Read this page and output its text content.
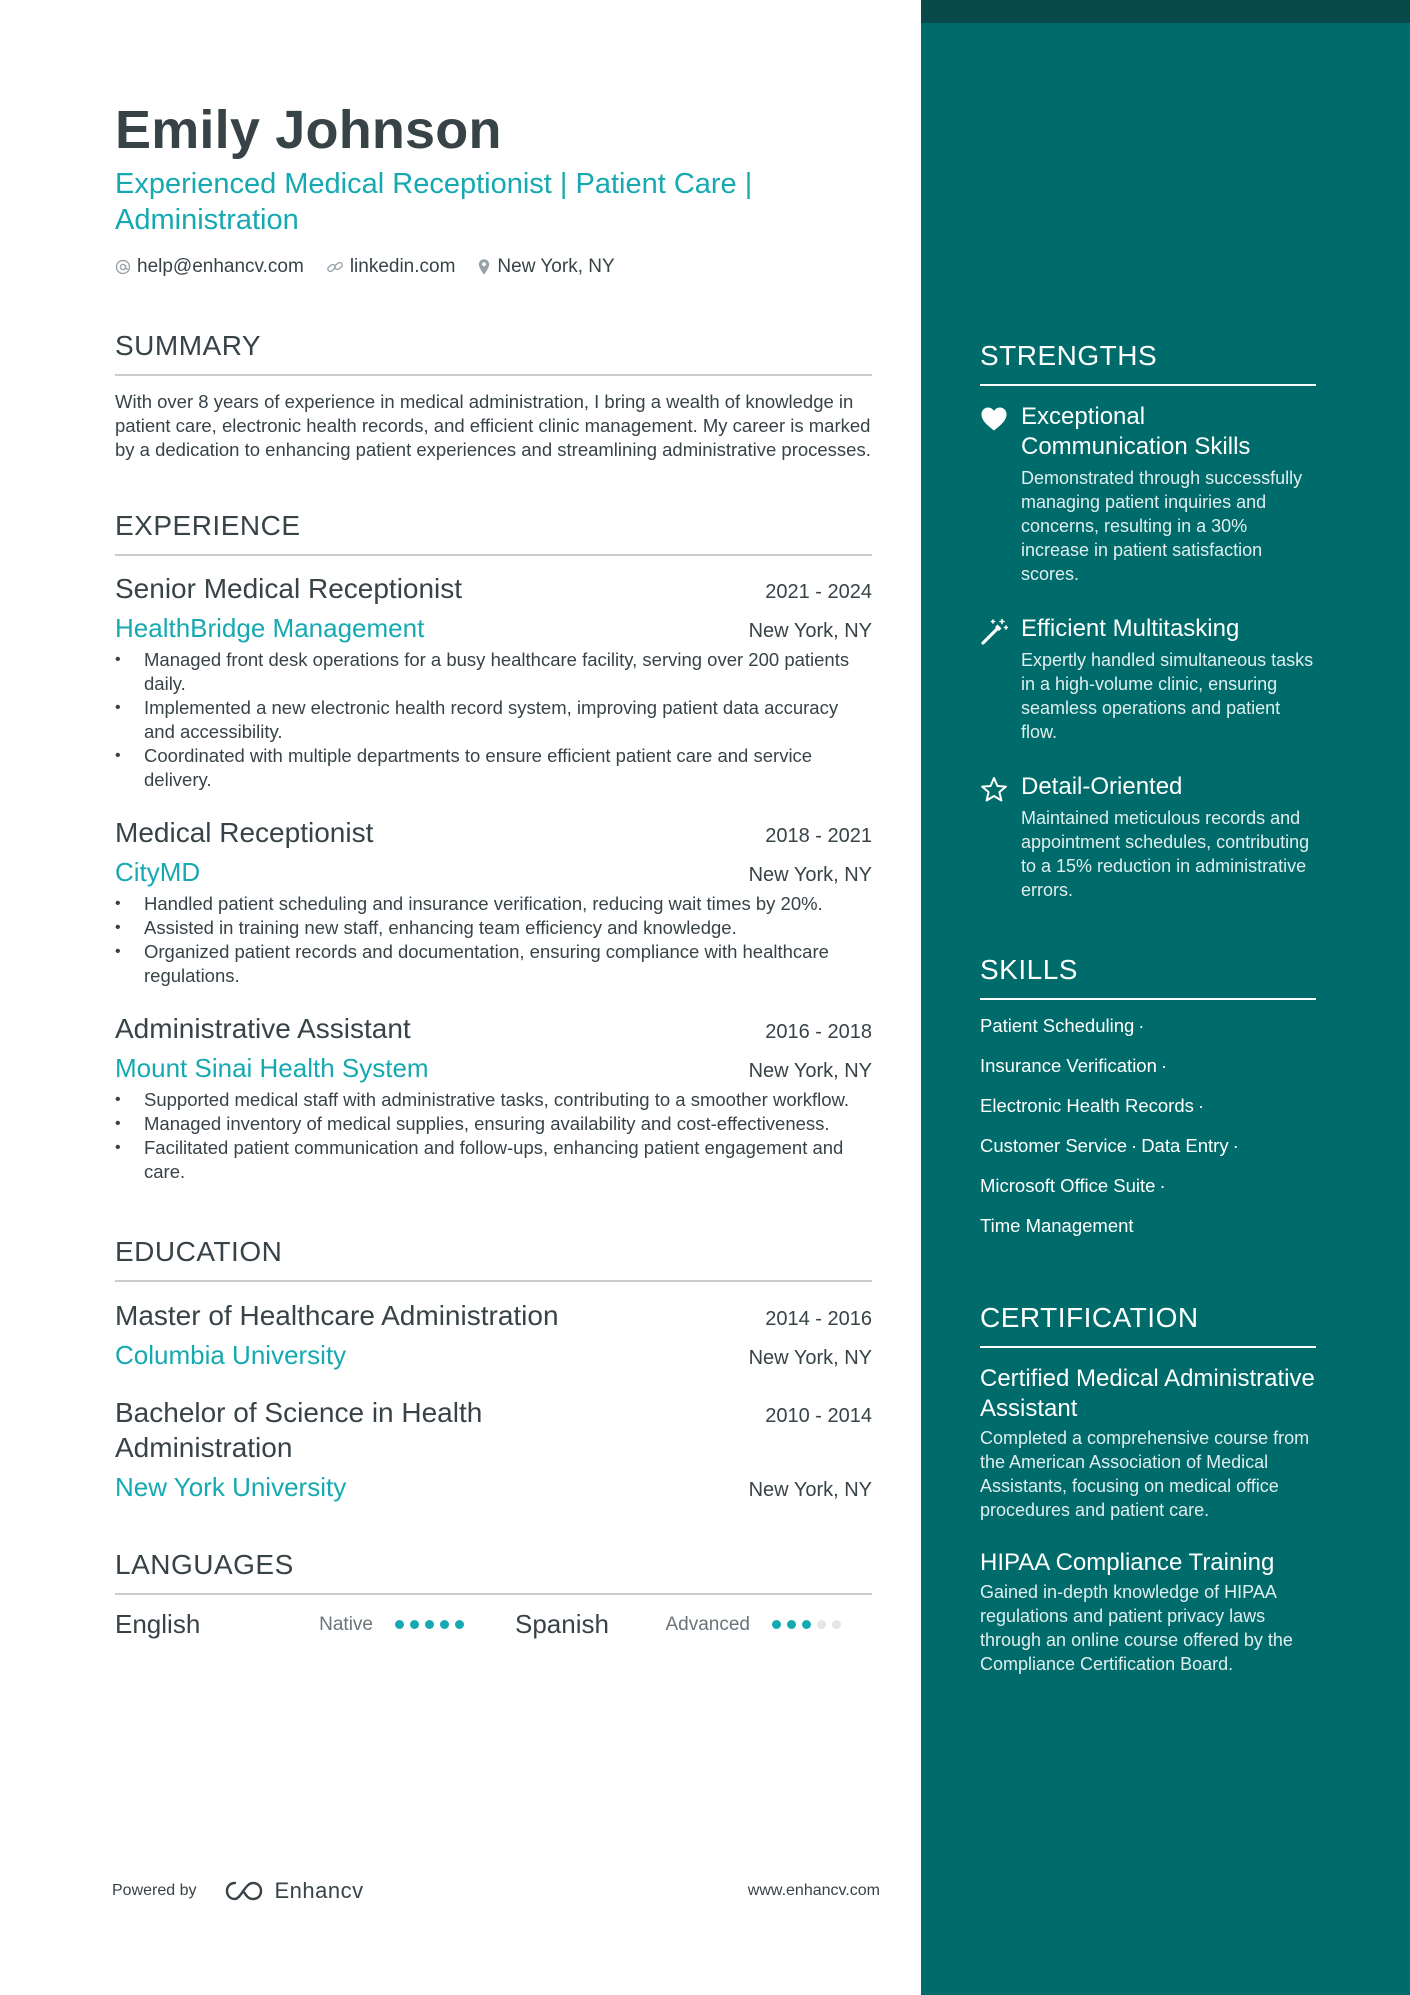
Emily Johnson
Experienced Medical Receptionist | Patient Care | Administration
help@enhancv.com linkedin.com New York, NY
SUMMARY
With over 8 years of experience in medical administration, I bring a wealth of knowledge in patient care, electronic health records, and efficient clinic management. My career is marked by a dedication to enhancing patient experiences and streamlining administrative processes.
EXPERIENCE
Senior Medical Receptionist	2021 - 2024
HealthBridge Management	New York, NY
• Managed front desk operations for a busy healthcare facility, serving over 200 patients daily.
• Implemented a new electronic health record system, improving patient data accuracy and accessibility.
• Coordinated with multiple departments to ensure efficient patient care and service delivery.
Medical Receptionist	2018 - 2021
CityMD	New York, NY
• Handled patient scheduling and insurance verification, reducing wait times by 20%.
• Assisted in training new staff, enhancing team efficiency and knowledge.
• Organized patient records and documentation, ensuring compliance with healthcare regulations.
Administrative Assistant	2016 - 2018
Mount Sinai Health System	New York, NY
• Supported medical staff with administrative tasks, contributing to a smoother workflow.
• Managed inventory of medical supplies, ensuring availability and cost-effectiveness.
• Facilitated patient communication and follow-ups, enhancing patient engagement and care.
EDUCATION
Master of Healthcare Administration	2014 - 2016
Columbia University	New York, NY
Bachelor of Science in Health Administration
2010 - 2014
New York University	New York, NY
LANGUAGES
English	Native	Spanish	Advanced
Powered by	Enhancv	www.enhancv.com
STRENGTHS
Exceptional Communication Skills
Demonstrated through successfully managing patient inquiries and concerns, resulting in a 30% increase in patient satisfaction scores.
Efficient Multitasking
Expertly handled simultaneous tasks in a high-volume clinic, ensuring seamless operations and patient flow.
Detail-Oriented
Maintained meticulous records and appointment schedules, contributing to a 15% reduction in administrative errors.
SKILLS
Patient Scheduling ·
Insurance Verification ·
Electronic Health Records ·
Customer Service · Data Entry ·
Microsoft Office Suite ·
Time Management
CERTIFICATION
Certified Medical Administrative Assistant
Completed a comprehensive course from the American Association of Medical Assistants, focusing on medical office procedures and patient care.
HIPAA Compliance Training
Gained in-depth knowledge of HIPAA regulations and patient privacy laws through an online course offered by the Compliance Certification Board.
